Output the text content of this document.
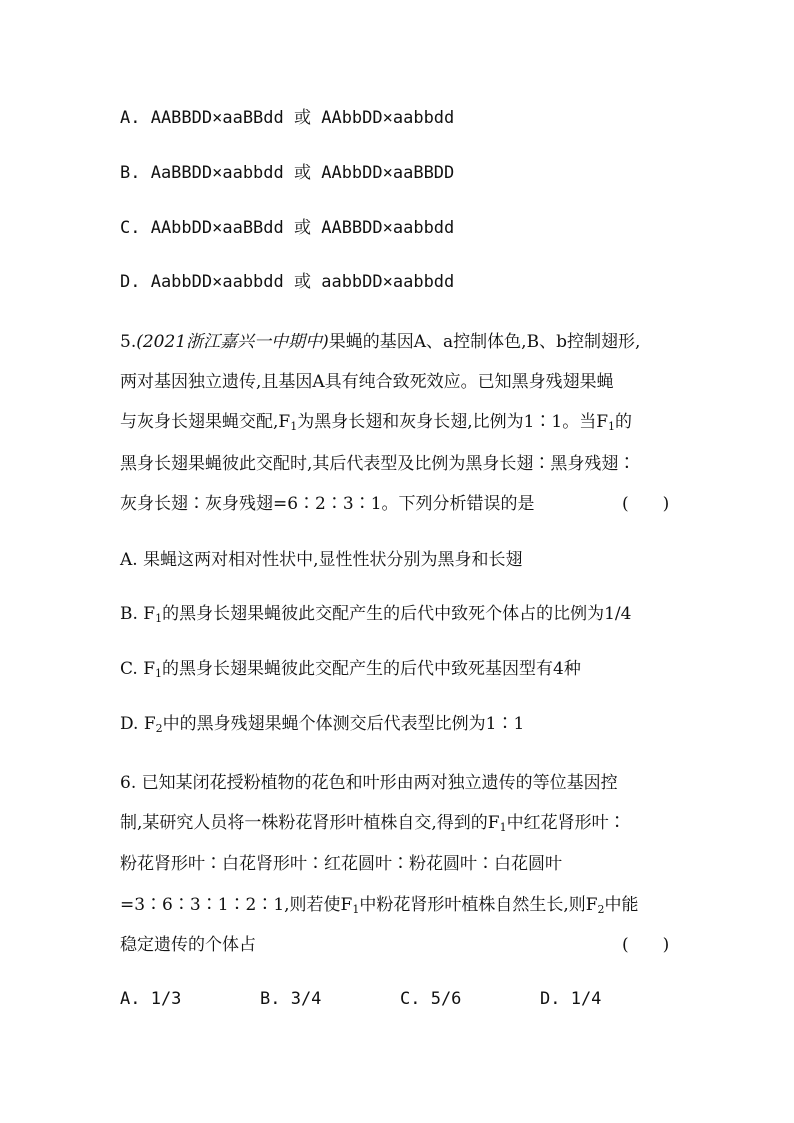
A. AABBDD×aaBBdd 或 AAbbDD×aabbdd
B. AaBBDD×aabbdd 或 AAbbDD×aaBBDD
C. AAbbDD×aaBBdd 或 AABBDD×aabbdd
D. AabbDD×aabbdd 或 aabbDD×aabbdd
5.(2021浙江嘉兴一中期中)果蝇的基因A、a控制体色,B、b控制翅形,
两对基因独立遗传,且基因A具有纯合致死效应。已知黑身残翅果蝇
与灰身长翅果蝇交配$,F_1$为黑身长翅和灰身长翅,比例为1∶1。当$F_1$的
黑身长翅果蝇彼此交配时,其后代表型及比例为黑身长翅∶黑身残翅∶
灰身长翅∶灰身残翅=6∶2∶3∶1。下列分析错误的是	(　　)
A. 果蝇这两对相对性状中,显性性状分别为黑身和长翅
B. $F_1$的黑身长翅果蝇彼此交配产生的后代中致死个体占的比例为1/4
C. $F_1$的黑身长翅果蝇彼此交配产生的后代中致死基因型有4种
D. $F_2$中的黑身残翅果蝇个体测交后代表型比例为1∶1
6. 已知某闭花授粉植物的花色和叶形由两对独立遗传的等位基因控
制,某研究人员将一株粉花肾形叶植株自交,得到的$F_1$中红花肾形叶∶
粉花肾形叶∶白花肾形叶∶红花圆叶∶粉花圆叶∶白花圆叶
=3∶6∶3∶1∶2∶1,则若使$F_1$中粉花肾形叶植株自然生长,则$F_2$中能
稳定遗传的个体占	(　　)
A. 1/3	B. 3/4	C. 5/6	D. 1/4
